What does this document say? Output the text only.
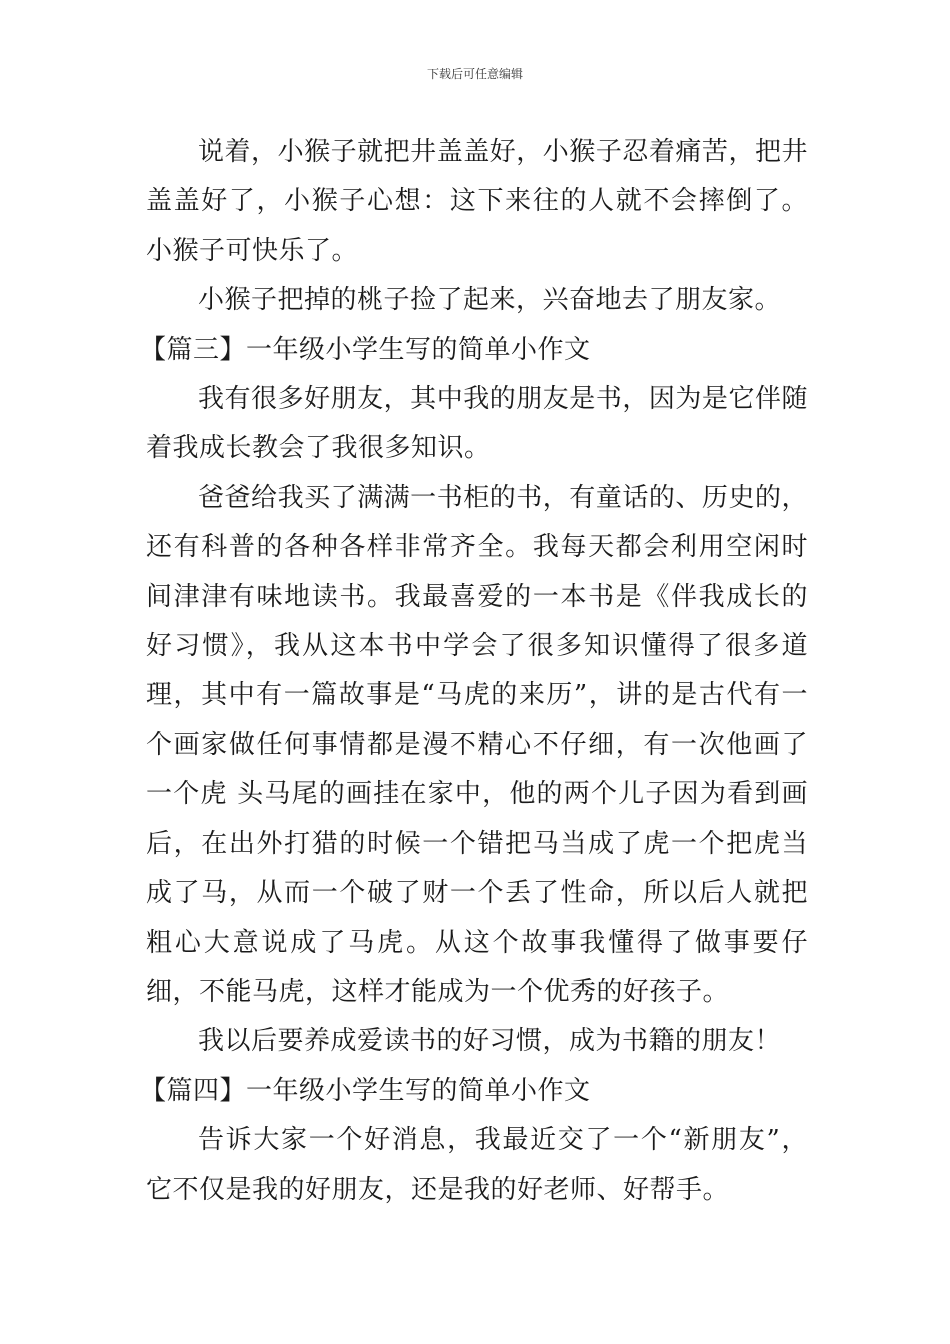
下载后可任意编辑

说着，小猴子就把井盖盖好，小猴子忍着痛苦，把井盖盖好了，小猴子心想：这下来往的人就不会摔倒了。小猴子可快乐了。

小猴子把掉的桃子捡了起来，兴奋地去了朋友家。

【篇三】一年级小学生写的简单小作文

我有很多好朋友，其中我的朋友是书，因为是它伴随着我成长教会了我很多知识。

爸爸给我买了满满一书柜的书，有童话的、历史的，还有科普的各种各样非常齐全。我每天都会利用空闲时间津津有味地读书。我最喜爱的一本书是《伴我成长的好习惯》，我从这本书中学会了很多知识懂得了很多道理，其中有一篇故事是“马虎的来历”，讲的是古代有一个画家做任何事情都是漫不精心不仔细，有一次他画了一个虎 头马尾的画挂在家中，他的两个儿子因为看到画后，在出外打猎的时候一个错把马当成了虎一个把虎当成了马，从而一个破了财一个丢了性命，所以后人就把粗心大意说成了马虎。从这个故事我懂得了做事要仔细，不能马虎，这样才能成为一个优秀的好孩子。

我以后要养成爱读书的好习惯，成为书籍的朋友！

【篇四】一年级小学生写的简单小作文

告诉大家一个好消息，我最近交了一个“新朋友”，它不仅是我的好朋友，还是我的好老师、好帮手。
